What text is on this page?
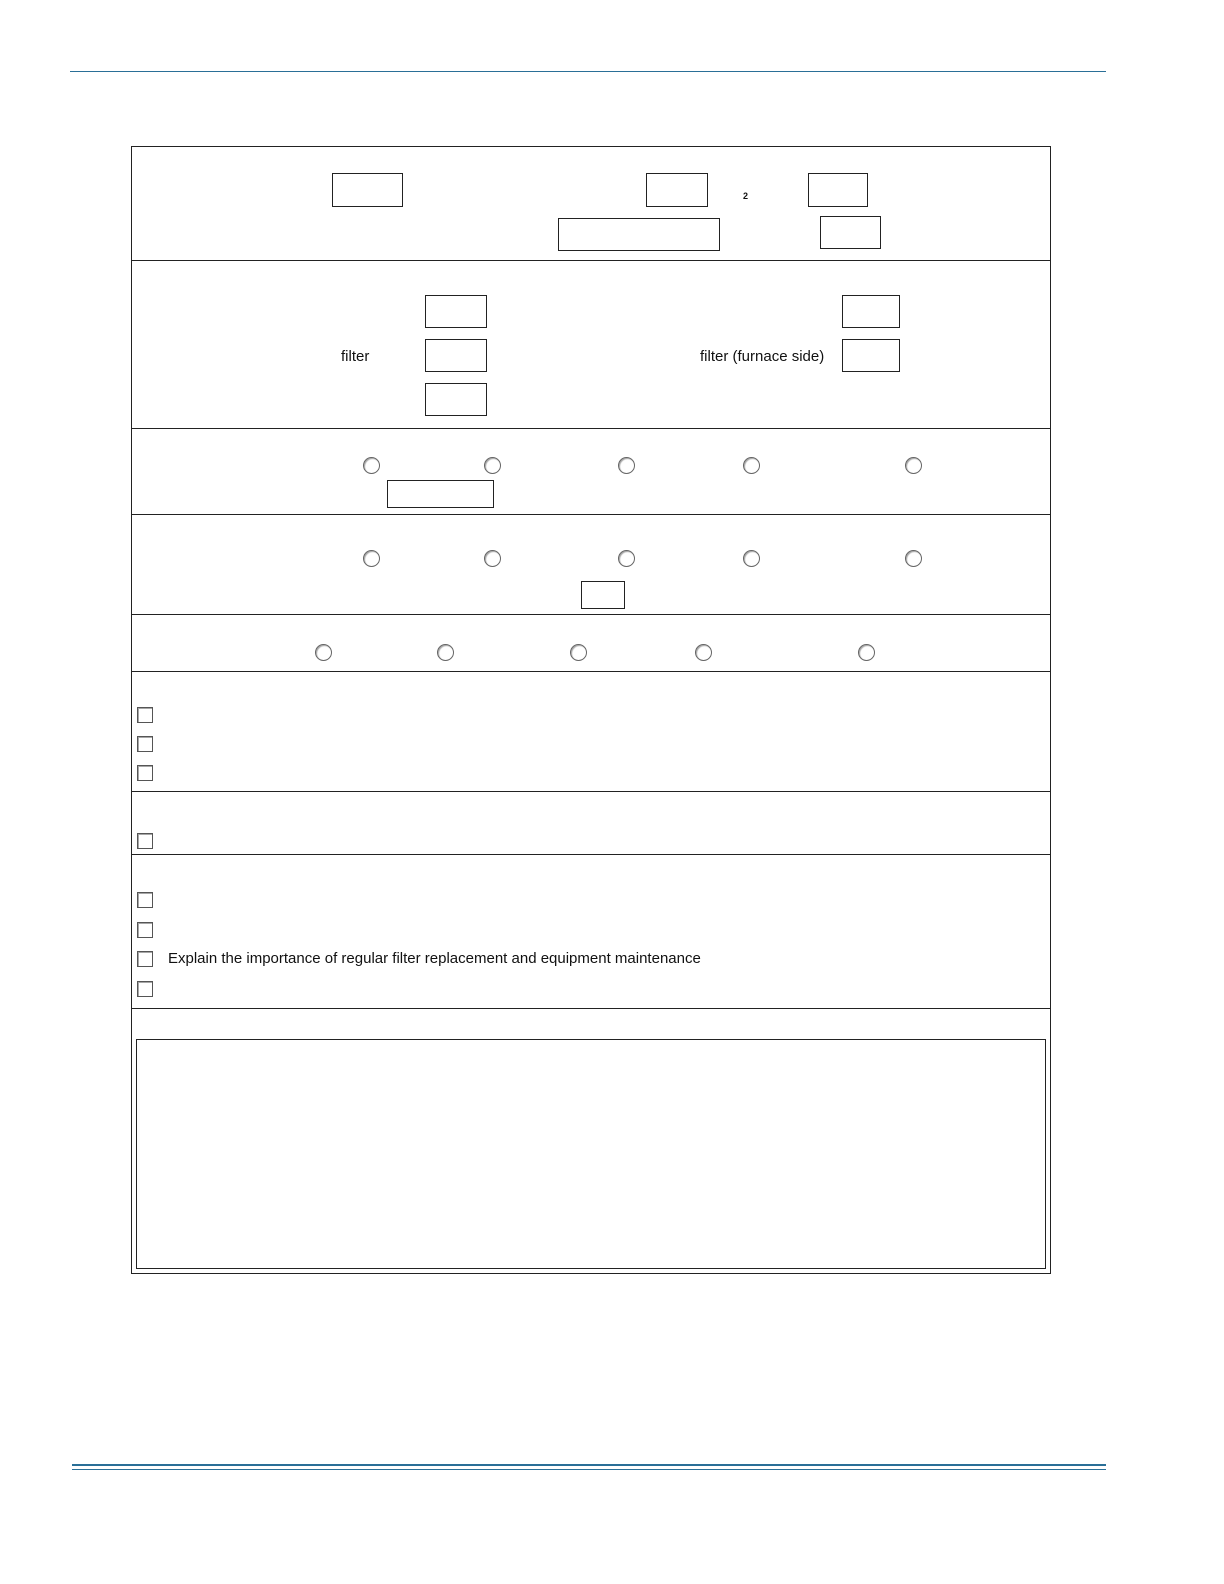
2
filter	filter (furnace side)
Explain the importance of regular filter replacement and equipment maintenance
